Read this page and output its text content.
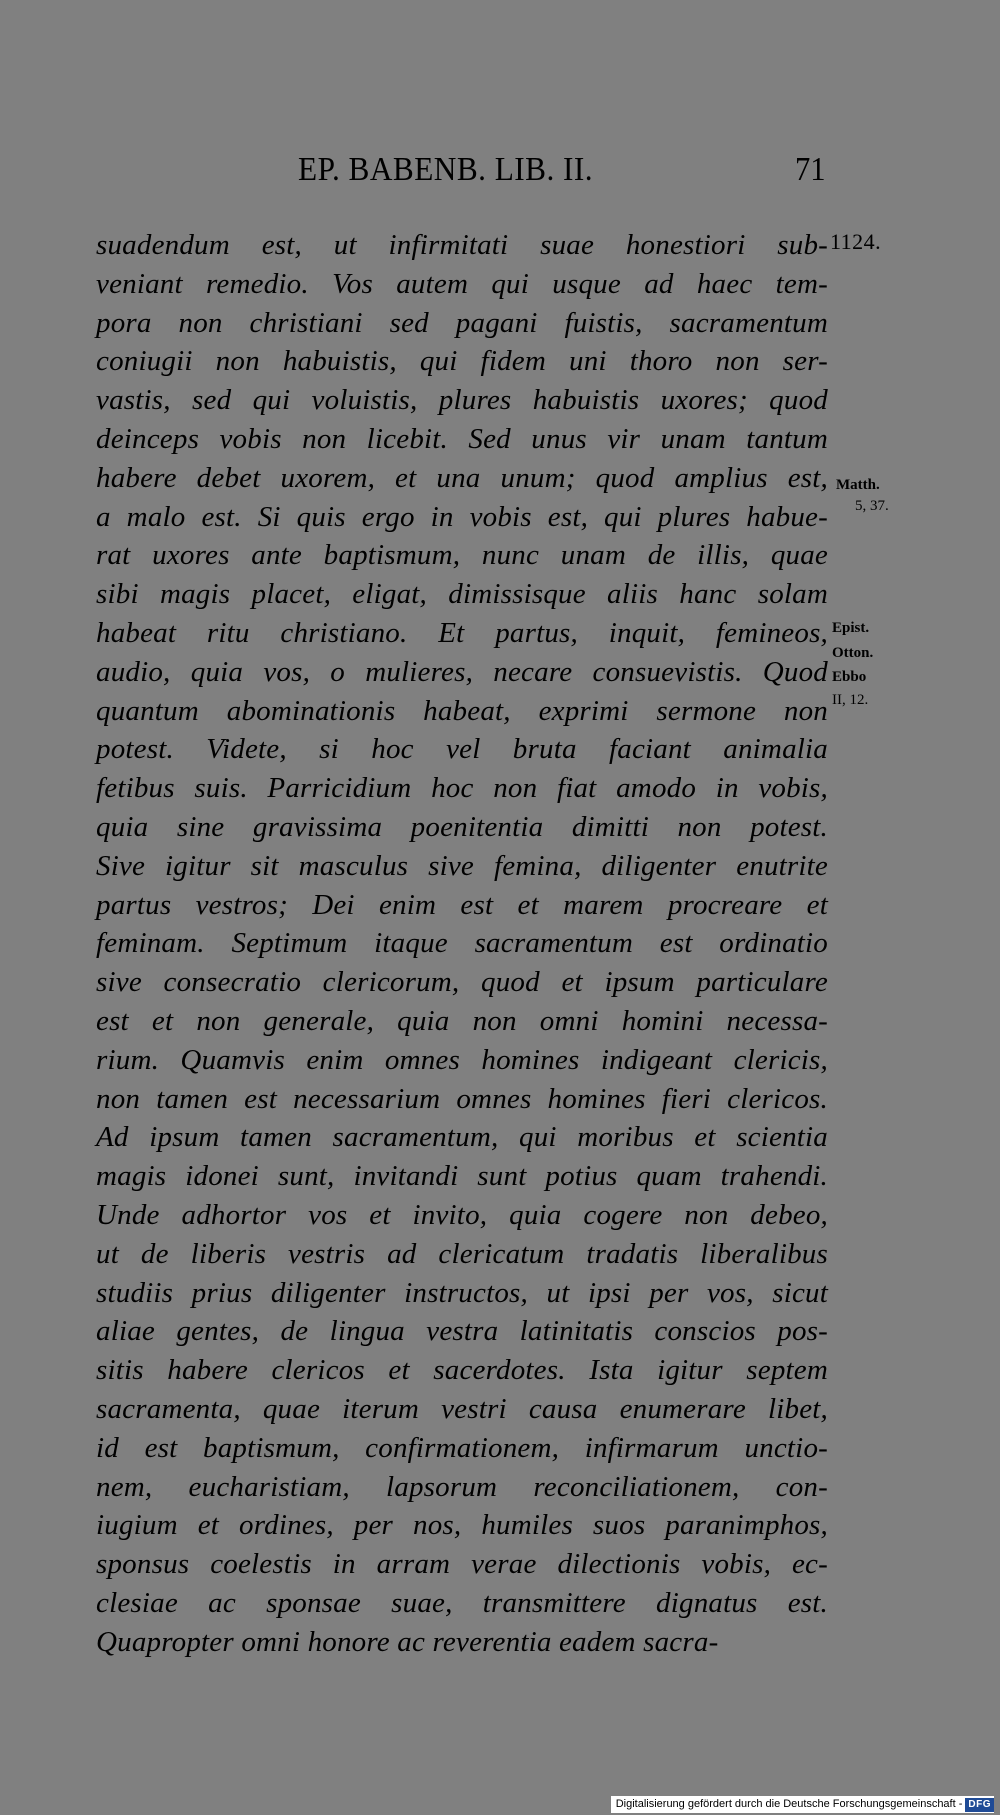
EP. BABENB. LIB. II.	71
suadendum est, ut infirmitati suae honestiori sub-
veniant remedio. Vos autem qui usque ad haec tem-
pora non christiani sed pagani fuistis, sacramentum
coniugii non habuistis, qui fidem uni thoro non ser-
vastis, sed qui voluistis, plures habuistis uxores; quod
deinceps vobis non licebit. Sed unus vir unam tantum
habere debet uxorem, et una unum; quod amplius est,
a malo est. Si quis ergo in vobis est, qui plures habue-
rat uxores ante baptismum, nunc unam de illis, quae
sibi magis placet, eligat, dimissisque aliis hanc solam
habeat ritu christiano. Et partus, inquit, femineos,
audio, quia vos, o mulieres, necare consuevistis. Quod
quantum abominationis habeat, exprimi sermone non
potest. Videte, si hoc vel bruta faciant animalia
fetibus suis. Parricidium hoc non fiat amodo in vobis,
quia sine gravissima poenitentia dimitti non potest.
Sive igitur sit masculus sive femina, diligenter enutrite
partus vestros; Dei enim est et marem procreare et
feminam. Septimum itaque sacramentum est ordinatio
sive consecratio clericorum, quod et ipsum particulare
est et non generale, quia non omni homini necessa-
rium. Quamvis enim omnes homines indigeant clericis,
non tamen est necessarium omnes homines fieri clericos.
Ad ipsum tamen sacramentum, qui moribus et scientia
magis idonei sunt, invitandi sunt potius quam trahendi.
Unde adhortor vos et invito, quia cogere non debeo,
ut de liberis vestris ad clericatum tradatis liberalibus
studiis prius diligenter instructos, ut ipsi per vos, sicut
aliae gentes, de lingua vestra latinitatis conscios pos-
sitis habere clericos et sacerdotes. Ista igitur septem
sacramenta, quae iterum vestri causa enumerare libet,
id est baptismum, confirmationem, infirmarum unctio-
nem, eucharistiam, lapsorum reconciliationem, con-
iugium et ordines, per nos, humiles suos paranimphos,
sponsus coelestis in arram verae dilectionis vobis, ec-
clesiae ac sponsae suae, transmittere dignatus est.
Quapropter omni honore ac reverentia eadem sacra-
1124.
Matth.
5, 37.
Epist.
Otton.
Ebbo
II, 12.
Digitalisierung gefördert durch die Deutsche Forschungsgemeinschaft - DFG
